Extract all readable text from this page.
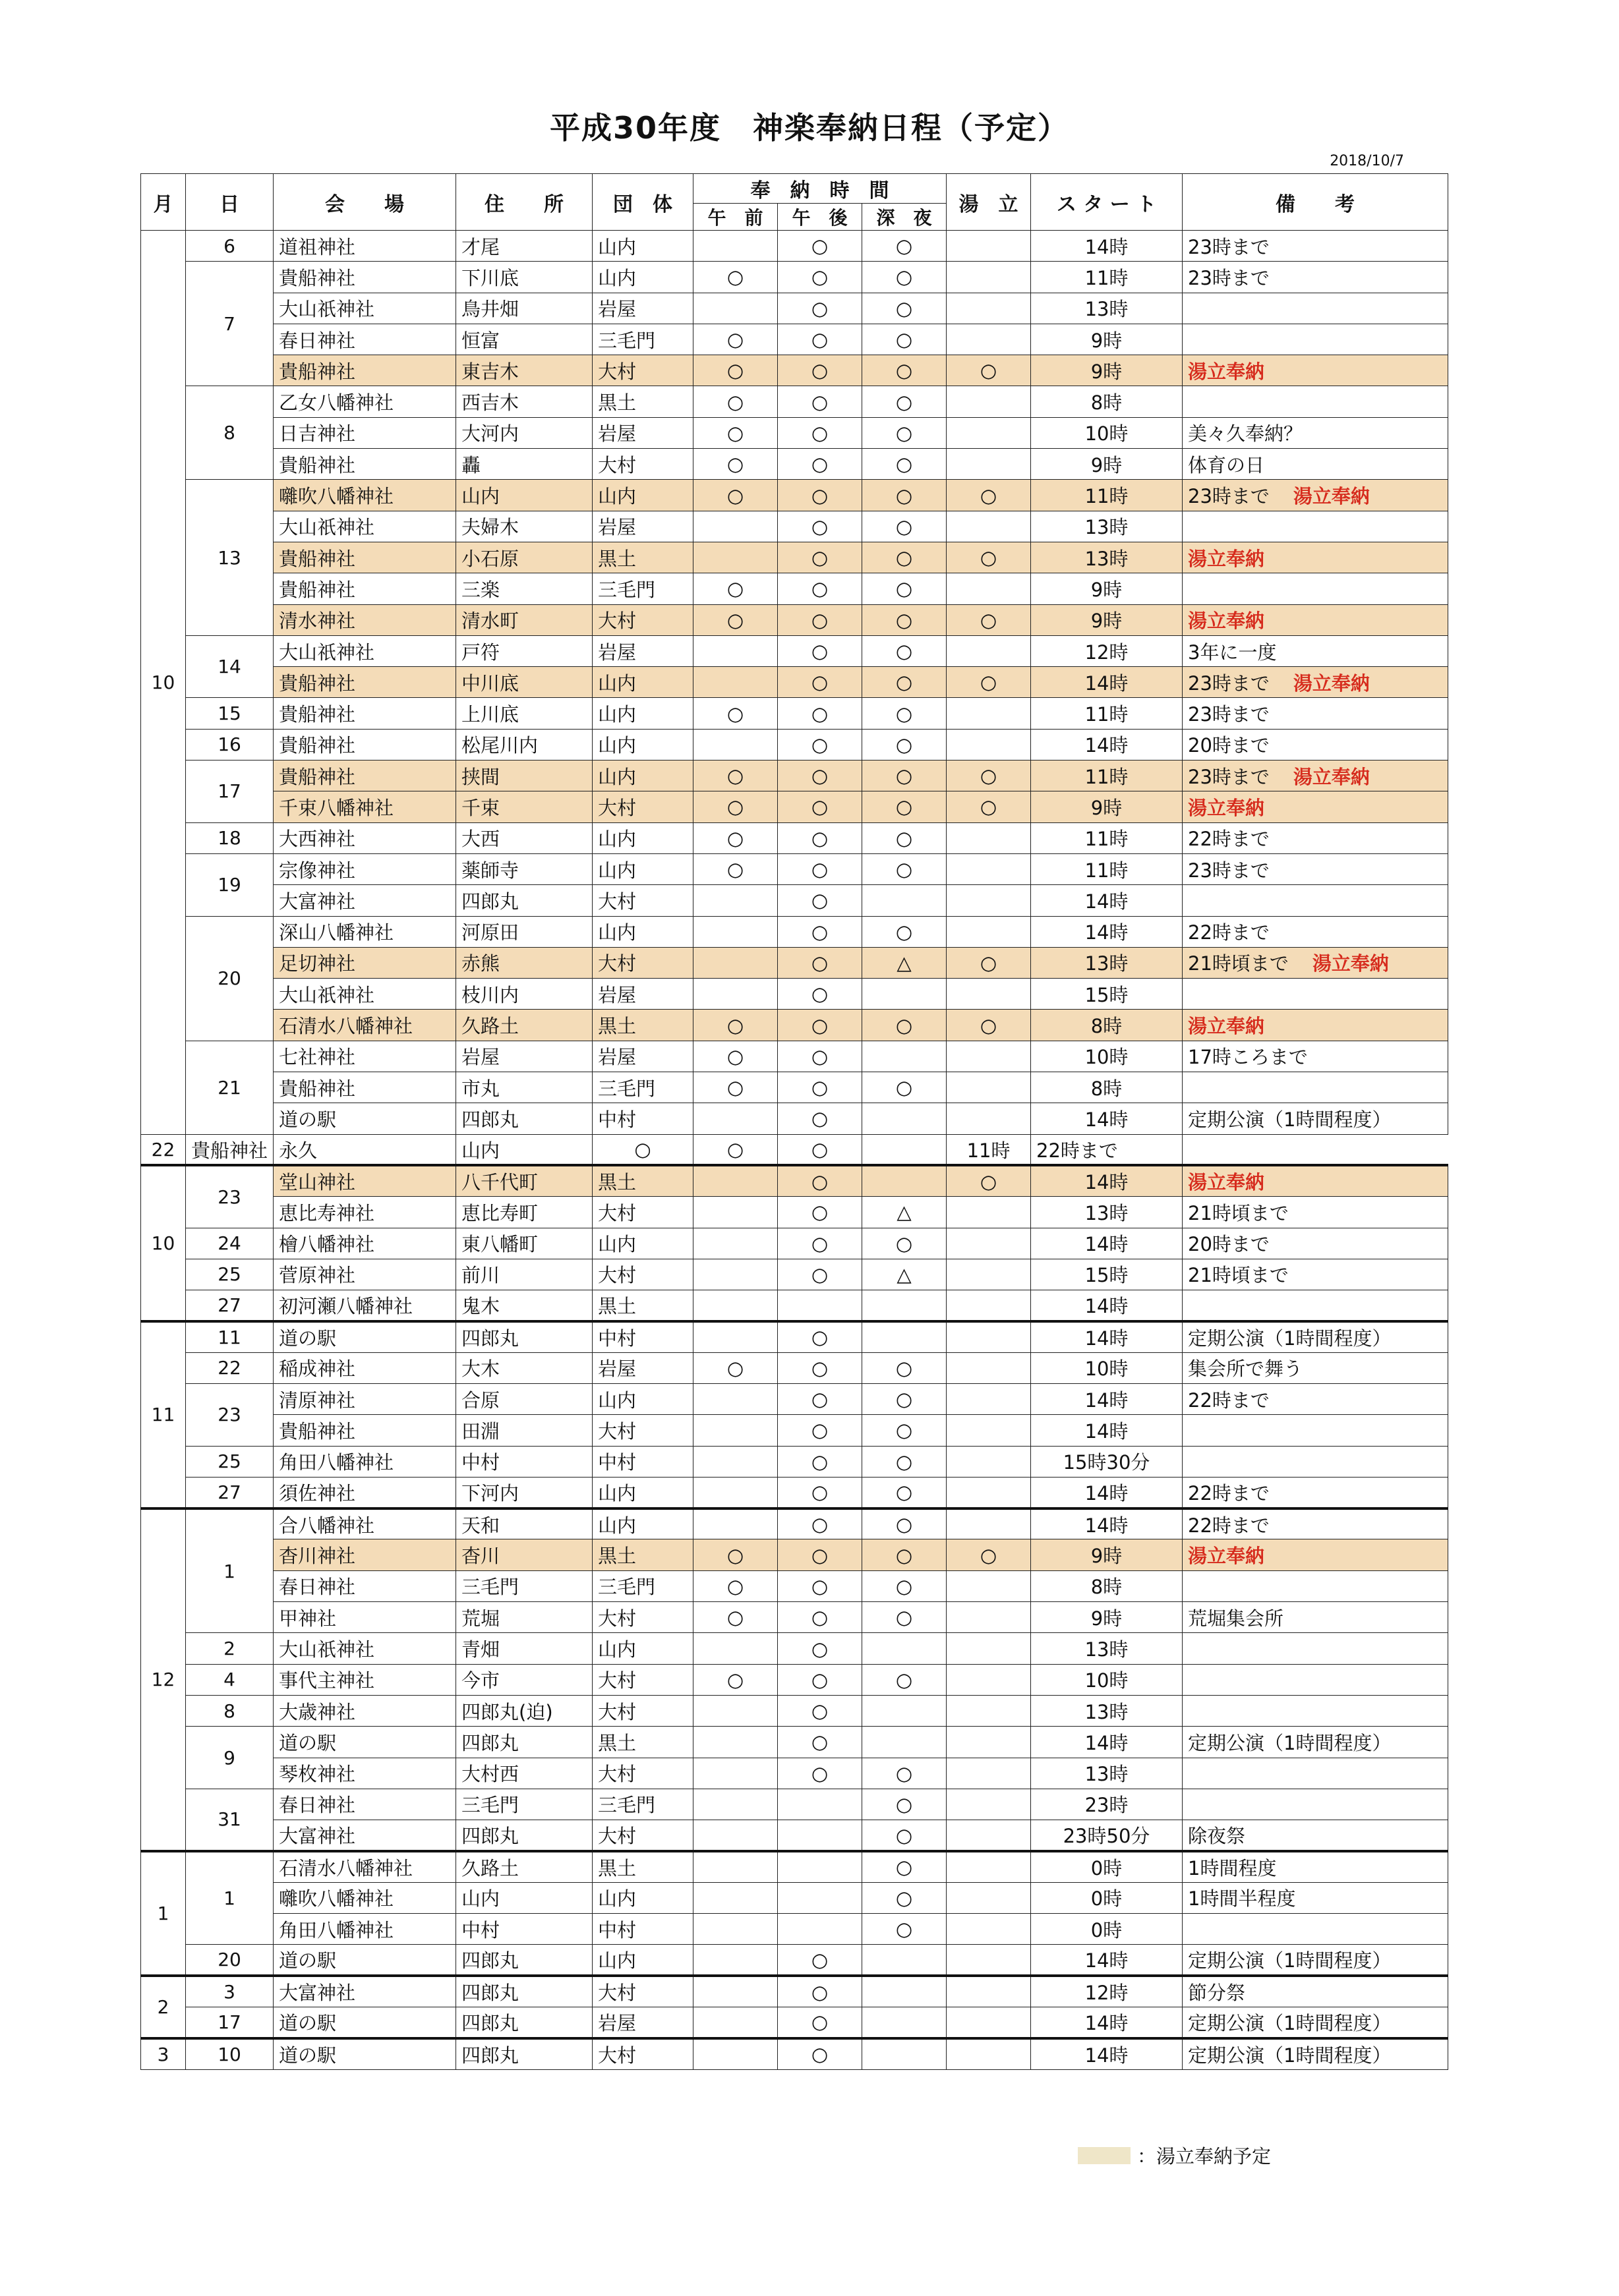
平成30年度　神楽奉納日程（予定）
2018/10/7
月	日	会　　場	住　　所	団　体	奉　納　時　間			湯　立	ス タ ー ト	備　　考
					午　前	午　後	深　夜			
10	6	道祖神社	才尾	山内		○	○		14時	23時まで
	7	貴船神社	下川底	山内	○	○	○		11時	23時まで
		大山祇神社	鳥井畑	岩屋		○	○		13時	
		春日神社	恒富	三毛門	○	○	○		9時	
		貴船神社	東吉木	大村	○	○	○	○	9時	湯立奉納
	8	乙女八幡神社	西吉木	黒土	○	○	○		8時	
		日吉神社	大河内	岩屋	○	○	○		10時	美々久奉納？
		貴船神社	轟	大村	○	○	○		9時	体育の日
	13	囃吹八幡神社	山内	山内	○	○	○	○	11時	23時まで 湯立奉納
		大山祇神社	夫婦木	岩屋		○	○		13時	
		貴船神社	小石原	黒土		○	○	○	13時	湯立奉納
		貴船神社	三楽	三毛門	○	○	○		9時	
		清水神社	清水町	大村	○	○	○	○	9時	湯立奉納
	14	大山祇神社	戸符	岩屋		○	○		12時	3年に一度
		貴船神社	中川底	山内		○	○	○	14時	23時まで 湯立奉納
	15	貴船神社	上川底	山内	○	○	○		11時	23時まで
	16	貴船神社	松尾川内	山内		○	○		14時	20時まで
	17	貴船神社	挟間	山内	○	○	○	○	11時	23時まで 湯立奉納
		千束八幡神社	千束	大村	○	○	○	○	9時	湯立奉納
	18	大西神社	大西	山内	○	○	○		11時	22時まで
	19	宗像神社	薬師寺	山内	○	○	○		11時	23時まで
		大富神社	四郎丸	大村		○			14時	
	20	深山八幡神社	河原田	山内		○	○		14時	22時まで
		足切神社	赤熊	大村		○	△	○	13時	21時頃まで 湯立奉納
		大山祇神社	枝川内	岩屋		○			15時	
		石清水八幡神社	久路土	黒土	○	○	○	○	8時	湯立奉納
	21	七社神社	岩屋	岩屋	○	○			10時	17時ころまで
		貴船神社	市丸	三毛門	○	○	○		8時	
		道の駅	四郎丸	中村		○			14時	定期公演（1時間程度）
22	貴船神社	永久	山内	○	○	○		11時	22時まで	
10	23	堂山神社	八千代町	黒土		○		○	14時	湯立奉納
		恵比寿神社	恵比寿町	大村		○	△		13時	21時頃まで
	24	檜八幡神社	東八幡町	山内		○	○		14時	20時まで
	25	菅原神社	前川	大村		○	△		15時	21時頃まで
	27	初河瀬八幡神社	鬼木	黒土					14時	
11	11	道の駅	四郎丸	中村		○			14時	定期公演（1時間程度）
	22	稲成神社	大木	岩屋	○	○	○		10時	集会所で舞う
	23	清原神社	合原	山内		○	○		14時	22時まで
		貴船神社	田淵	大村		○	○		14時	
	25	角田八幡神社	中村	中村		○	○		15時30分	
	27	須佐神社	下河内	山内		○	○		14時	22時まで
12	1	合八幡神社	天和	山内		○	○		14時	22時まで
		杳川神社	杳川	黒土	○	○	○	○	9時	湯立奉納
		春日神社	三毛門	三毛門	○	○	○		8時	
		甲神社	荒堀	大村	○	○	○		9時	荒堀集会所
	2	大山祇神社	青畑	山内		○			13時	
	4	事代主神社	今市	大村	○	○	○		10時	
	8	大歳神社	四郎丸(迫)	大村		○			13時	
	9	道の駅	四郎丸	黒土		○			14時	定期公演（1時間程度）
		琴枚神社	大村西	大村		○	○		13時	
	31	春日神社	三毛門	三毛門			○		23時	
		大富神社	四郎丸	大村			○		23時50分	除夜祭
1	1	石清水八幡神社	久路土	黒土			○		0時	1時間程度
		囃吹八幡神社	山内	山内			○		0時	1時間半程度
		角田八幡神社	中村	中村			○		0時	
	20	道の駅	四郎丸	山内		○			14時	定期公演（1時間程度）
2	3	大富神社	四郎丸	大村		○			12時	節分祭
	17	道の駅	四郎丸	岩屋		○			14時	定期公演（1時間程度）
3	10	道の駅	四郎丸	大村		○			14時	定期公演（1時間程度）
：湯立奉納予定
